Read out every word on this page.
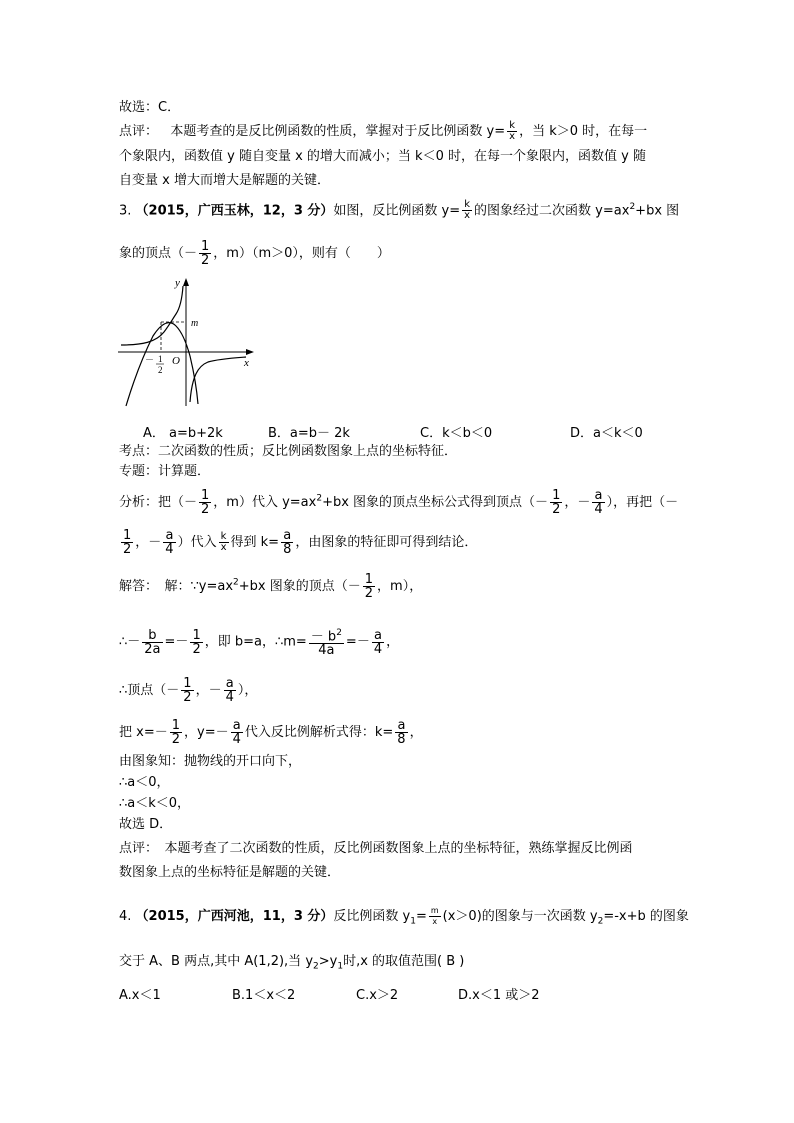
故选：C．
点评： 本题考查的是反比例函数的性质，掌握对于反比例函数 $y= \frac{k}{x}$ ，当 k＞0 时，在每一
个象限内，函数值 y 随自变量 x 的增大而减小；当 k＜0 时，在每一个象限内，函数值 y 随
自变量 x 增大而增大是解题的关键．
3. （2015，广西玉林，12，3 分）如图，反比例函数 $y= \frac{k}{x}$ 的图象经过二次函数 $y=ax^2+bx$ 图
象的顶点（－ $\frac{1}{2}$ ，m）（m＞0），则有（　　）
y
x
m
O
－ 1
2
A． a=b+2k	B．a=b－ 2k	C．k＜b＜0	D．a＜k＜0
考点：二次函数的性质；反比例函数图象上点的坐标特征．
专题：计算题．
分析：把（－ $\frac{1}{2}$ ，m）代入 $y=ax^2+bx$ 图象的顶点坐标公式得到顶点（－ $\frac{1}{2}$ ，－ $\frac{a}{4}$ ），再把（－
$\frac{1}{2}$ ，－ $\frac{a}{4}$ ）代入 $\frac{k}{x}$ 得到 $k= \frac{a}{8}$ ，由图象的特征即可得到结论．
解答：　解：$\because y=ax^2+bx$ 图象的顶点（－ $\frac{1}{2}$ ，m），
∴－ $\frac{b}{2a} =- \frac{1}{2}$ ，即 b=a，∴m= $\frac{- b^2}{4a} =- \frac{a}{4}$ ，
∴顶点（－ $\frac{1}{2}$ ，－ $\frac{a}{4}$ ），
把 $x=- \frac{1}{2}$ ，$y=- \frac{a}{4}$ 代入反比例解析式得：$k= \frac{a}{8}$ ，
由图象知：抛物线的开口向下，
∴a＜0，
∴a＜k＜0，
故选 D．
点评：　本题考查了二次函数的性质，反比例函数图象上点的坐标特征，熟练掌握反比例函
数图象上点的坐标特征是解题的关键．
4. （2015，广西河池，11，3 分）反比例函数 $y_1= \frac{m}{x} (x>0)$的图象与一次函数 $y_2=-x+b$ 的图象
交于 A、B 两点,其中 A(1,2),当 $y_2>y_1$时,x 的取值范围( B )
A.x＜1	B.1＜x＜2	C.x＞2	D.x＜1 或＞2
